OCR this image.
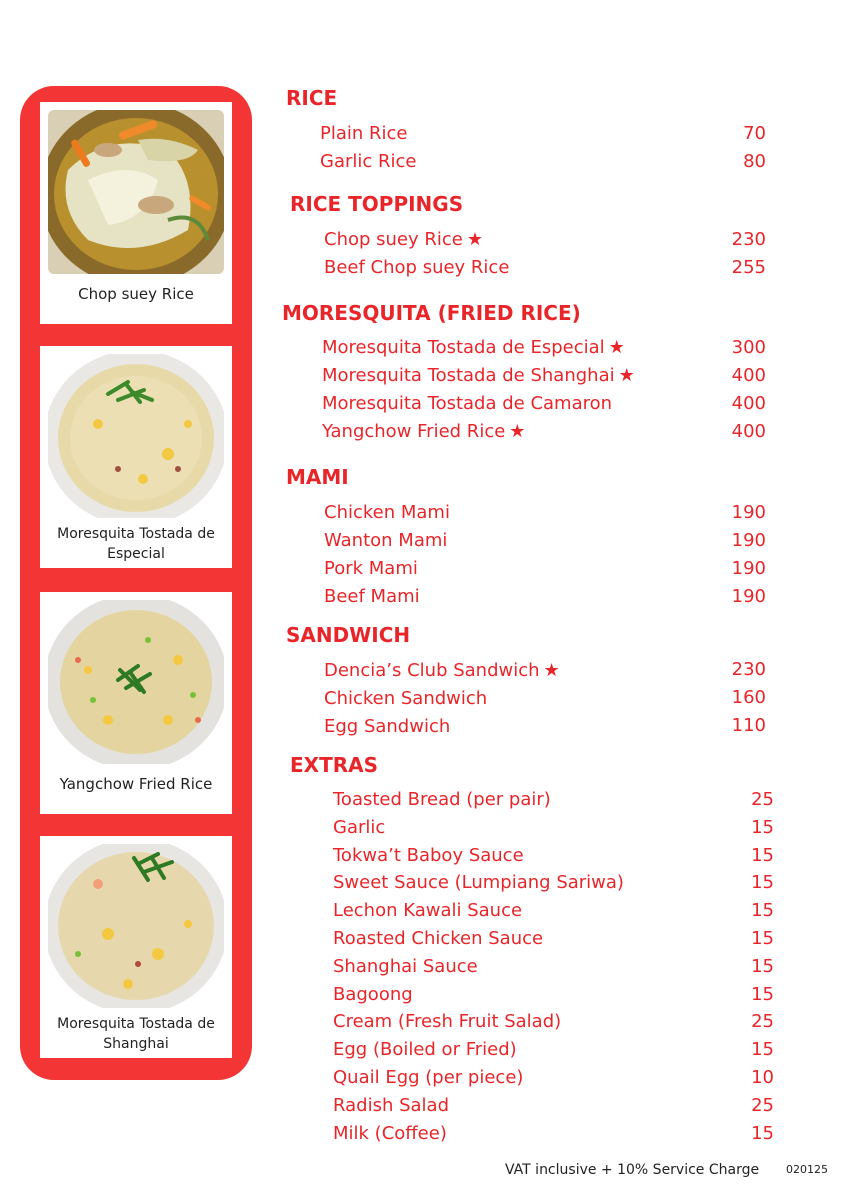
Chop suey Rice
Moresquita Tostada de Especial
Yangchow Fried Rice
Moresquita Tostada de Shanghai
RICE
Plain Rice	70
Garlic Rice	80
RICE TOPPINGS
Chop suey Rice ★	230
Beef Chop suey Rice	255
MORESQUITA (FRIED RICE)
Moresquita Tostada de Especial ★	300
Moresquita Tostada de Shanghai ★	400
Moresquita Tostada de Camaron	400
Yangchow Fried Rice ★	400
MAMI
Chicken Mami	190
Wanton Mami	190
Pork Mami	190
Beef Mami	190
SANDWICH
Dencia’s Club Sandwich ★	230
Chicken Sandwich	160
Egg Sandwich	110
EXTRAS
Toasted Bread (per pair)	25
Garlic	15
Tokwa’t Baboy Sauce	15
Sweet Sauce (Lumpiang Sariwa)	15
Lechon Kawali Sauce	15
Roasted Chicken Sauce	15
Shanghai Sauce	15
Bagoong	15
Cream (Fresh Fruit Salad)	25
Egg (Boiled or Fried)	15
Quail Egg (per piece)	10
Radish Salad	25
Milk (Coffee)	15
VAT inclusive + 10% Service Charge 020125
